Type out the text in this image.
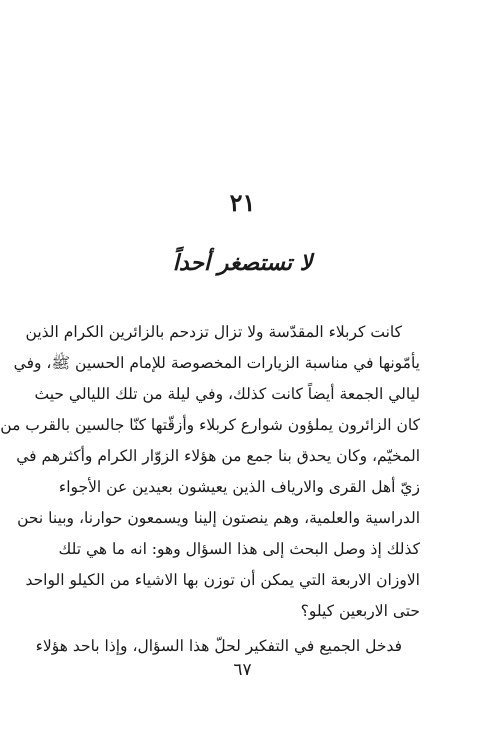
٢١
لا تستصغر أحداً
كانت كربلاء المقدّسة ولا تزال تزدحم بالزائرين الكرام الذين
يأمّونها في مناسبة الزيارات المخصوصة للإمام الحسين ﷺ، وفي
ليالي الجمعة أيضاً كانت كذلك، وفي ليلة من تلك الليالي حيث
كان الزائرون يملؤون شوارع كربلاء وأزقّتها كنّا جالسين بالقرب من
المخيّم، وكان يحدق بنا جمع من هؤلاء الزوّار الكرام وأكثرهم في
زيّ أهل القرى والارياف الذين يعيشون بعيدين عن الأجواء
الدراسية والعلمية، وهم ينصتون إلينا ويسمعون حوارنا، وبينا نحن
كذلك إذ وصل البحث إلى هذا السؤال وهو: انه ما هي تلك
الاوزان الاربعة التي يمكن أن توزن بها الاشياء من الكيلو الواحد
حتى الاربعين كيلو؟
فدخل الجميع في التفكير لحلّ هذا السؤال، وإذا باحد هؤلاء
٦٧
